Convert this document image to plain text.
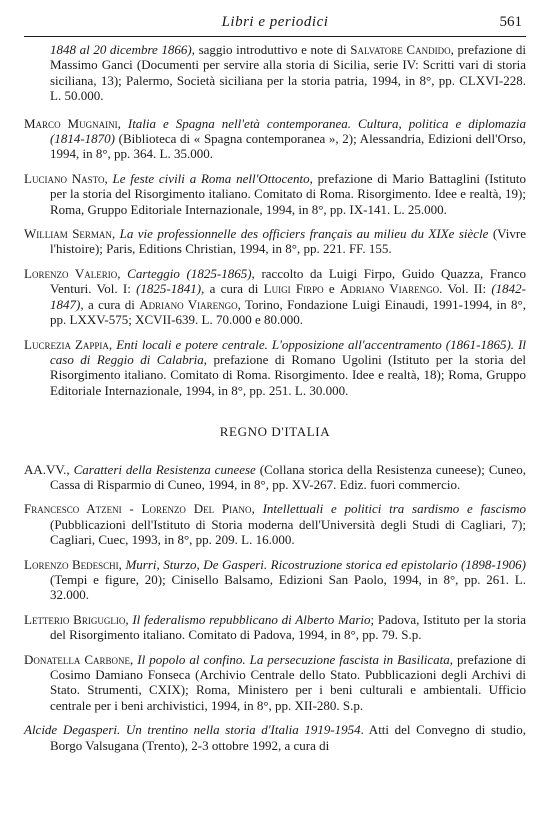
Libri e periodici	561

1848 al 20 dicembre 1866), saggio introduttivo e note di Salvatore Candido, prefazione di Massimo Ganci (Documenti per servire alla storia di Sicilia, serie IV: Scritti vari di storia siciliana, 13); Palermo, Società siciliana per la storia patria, 1994, in 8°, pp. CLXVI-228. L. 50.000.

Marco Mugnaini, Italia e Spagna nell'età contemporanea. Cultura, politica e diplomazia (1814-1870) (Biblioteca di « Spagna contemporanea », 2); Alessandria, Edizioni dell'Orso, 1994, in 8°, pp. 364. L. 35.000.

Luciano Nasto, Le feste civili a Roma nell'Ottocento, prefazione di Mario Battaglini (Istituto per la storia del Risorgimento italiano. Comitato di Roma. Risorgimento. Idee e realtà, 19); Roma, Gruppo Editoriale Internazionale, 1994, in 8°, pp. IX-141. L. 25.000.

William Serman, La vie professionnelle des officiers français au milieu du XIXe siècle (Vivre l'histoire); Paris, Editions Christian, 1994, in 8°, pp. 221. FF. 155.

Lorenzo Valerio, Carteggio (1825-1865), raccolto da Luigi Firpo, Guido Quazza, Franco Venturi. Vol. I: (1825-1841), a cura di Luigi Firpo e Adriano Viarengo. Vol. II: (1842-1847), a cura di Adriano Viarengo, Torino, Fondazione Luigi Einaudi, 1991-1994, in 8°, pp. LXXV-575; XCVII-639. L. 70.000 e 80.000.

Lucrezia Zappia, Enti locali e potere centrale. L'opposizione all'accentramento (1861-1865). Il caso di Reggio di Calabria, prefazione di Romano Ugolini (Istituto per la storia del Risorgimento italiano. Comitato di Roma. Risorgimento. Idee e realtà, 18); Roma, Gruppo Editoriale Internazionale, 1994, in 8°, pp. 251. L. 30.000.

REGNO D'ITALIA

AA.VV., Caratteri della Resistenza cuneese (Collana storica della Resistenza cuneese); Cuneo, Cassa di Risparmio di Cuneo, 1994, in 8°, pp. XV-267. Ediz. fuori commercio.

Francesco Atzeni - Lorenzo Del Piano, Intellettuali e politici tra sardismo e fascismo (Pubblicazioni dell'Istituto di Storia moderna dell'Università degli Studi di Cagliari, 7); Cagliari, Cuec, 1993, in 8°, pp. 209. L. 16.000.

Lorenzo Bedeschi, Murri, Sturzo, De Gasperi. Ricostruzione storica ed epistolario (1898-1906) (Tempi e figure, 20); Cinisello Balsamo, Edizioni San Paolo, 1994, in 8°, pp. 261. L. 32.000.

Letterio Briguglio, Il federalismo repubblicano di Alberto Mario; Padova, Istituto per la storia del Risorgimento italiano. Comitato di Padova, 1994, in 8°, pp. 79. S.p.

Donatella Carbone, Il popolo al confino. La persecuzione fascista in Basilicata, prefazione di Cosimo Damiano Fonseca (Archivio Centrale dello Stato. Pubblicazioni degli Archivi di Stato. Strumenti, CXIX); Roma, Ministero per i beni culturali e ambientali. Ufficio centrale per i beni archivistici, 1994, in 8°, pp. XII-280. S.p.

Alcide Degasperi. Un trentino nella storia d'Italia 1919-1954. Atti del Convegno di studio, Borgo Valsugana (Trento), 2-3 ottobre 1992, a cura di
